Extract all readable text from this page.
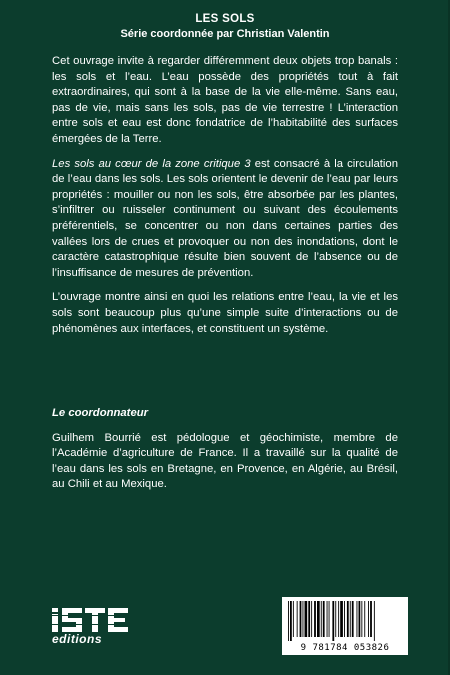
LES SOLS
Série coordonnée par Christian Valentin

Cet ouvrage invite à regarder différemment deux objets trop banals : les sols et l’eau. L’eau possède des propriétés tout à fait extraordinaires, qui sont à la base de la vie elle-même. Sans eau, pas de vie, mais sans les sols, pas de vie terrestre ! L’interaction entre sols et eau est donc fondatrice de l’habitabilité des surfaces émergées de la Terre.

Les sols au cœur de la zone critique 3 est consacré à la circulation de l’eau dans les sols. Les sols orientent le devenir de l’eau par leurs propriétés : mouiller ou non les sols, être absorbée par les plantes, s’infiltrer ou ruisseler continument ou suivant des écoulements préférentiels, se concentrer ou non dans certaines parties des vallées lors de crues et provoquer ou non des inondations, dont le caractère catastrophique résulte bien souvent de l’absence ou de l’insuffisance de mesures de prévention.

L’ouvrage montre ainsi en quoi les relations entre l’eau, la vie et les sols sont beaucoup plus qu’une simple suite d’interactions ou de phénomènes aux interfaces, et constituent un système.

Le coordonnateur
Guilhem Bourrié est pédologue et géochimiste, membre de l’Académie d’agriculture de France. Il a travaillé sur la qualité de l’eau dans les sols en Bretagne, en Provence, en Algérie, au Brésil, au Chili et au Mexique.
editions
9 781784 053826
